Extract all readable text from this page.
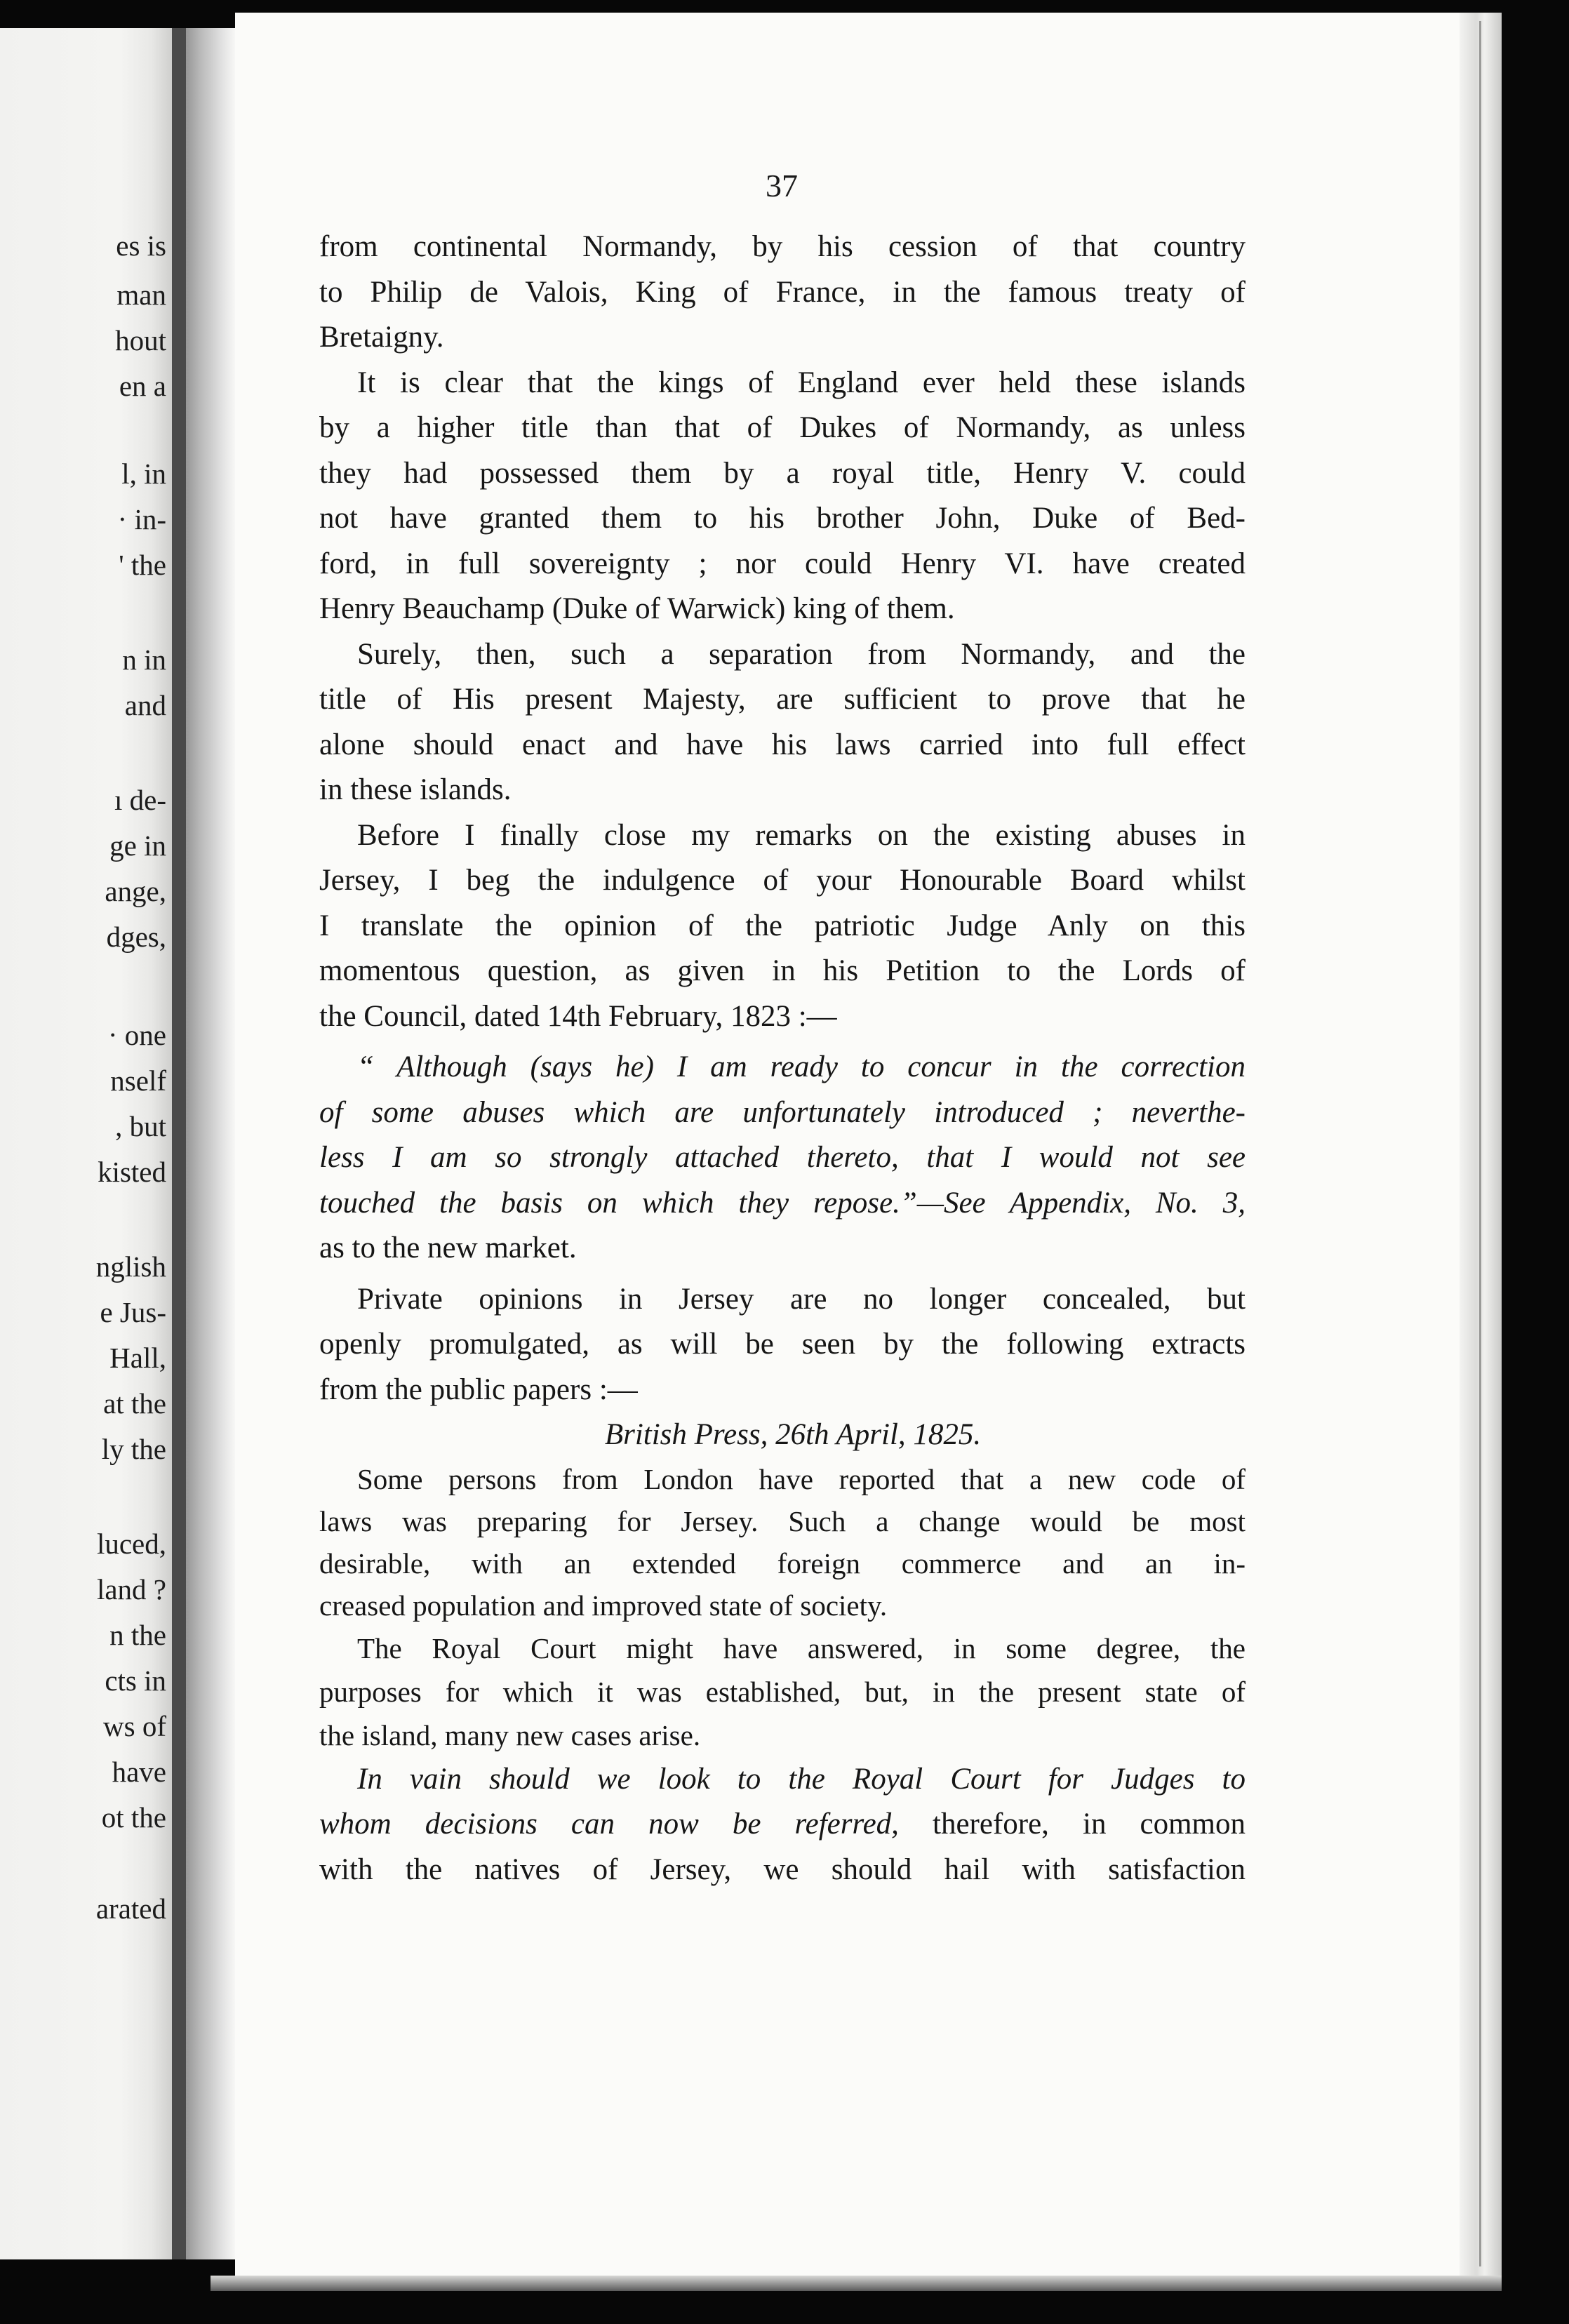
es is
man
hout
en a
l, in
· in-
' the
n in
and
ı de-
ge in
ange,
dges,
· one
nself
, but
kisted
nglish
e Jus-
Hall,
at the
ly the
luced,
land ?
n the
cts in
ws of
have
ot the
arated
37
from continental Normandy, by his cession of that country
to Philip de Valois, King of France, in the famous treaty of
Bretaigny.
It is clear that the kings of England ever held these islands
by a higher title than that of Dukes of Normandy, as unless
they had possessed them by a royal title, Henry V. could
not have granted them to his brother John, Duke of Bed-
ford, in full sovereignty ; nor could Henry VI. have created
Henry Beauchamp (Duke of Warwick) king of them.
Surely, then, such a separation from Normandy, and the
title of His present Majesty, are sufficient to prove that he
alone should enact and have his laws carried into full effect
in these islands.
Before I finally close my remarks on the existing abuses in
Jersey, I beg the indulgence of your Honourable Board whilst
I translate the opinion of the patriotic Judge Anly on this
momentous question, as given in his Petition to the Lords of
the Council, dated 14th February, 1823 :—
“ Although (says he) I am ready to concur in the correction
of some abuses which are unfortunately introduced ; neverthe-
less I am so strongly attached thereto, that I would not see
touched the basis on which they repose.”—See Appendix, No. 3,
as to the new market.
Private opinions in Jersey are no longer concealed, but
openly promulgated, as will be seen by the following extracts
from the public papers :—
British Press, 26th April, 1825.
Some persons from London have reported that a new code of
laws was preparing for Jersey. Such a change would be most
desirable, with an extended foreign commerce and an in-
creased population and improved state of society.
The Royal Court might have answered, in some degree, the
purposes for which it was established, but, in the present state of
the island, many new cases arise.
In vain should we look to the Royal Court for Judges to
whom decisions can now be referred, therefore, in common
with the natives of Jersey, we should hail with satisfaction
